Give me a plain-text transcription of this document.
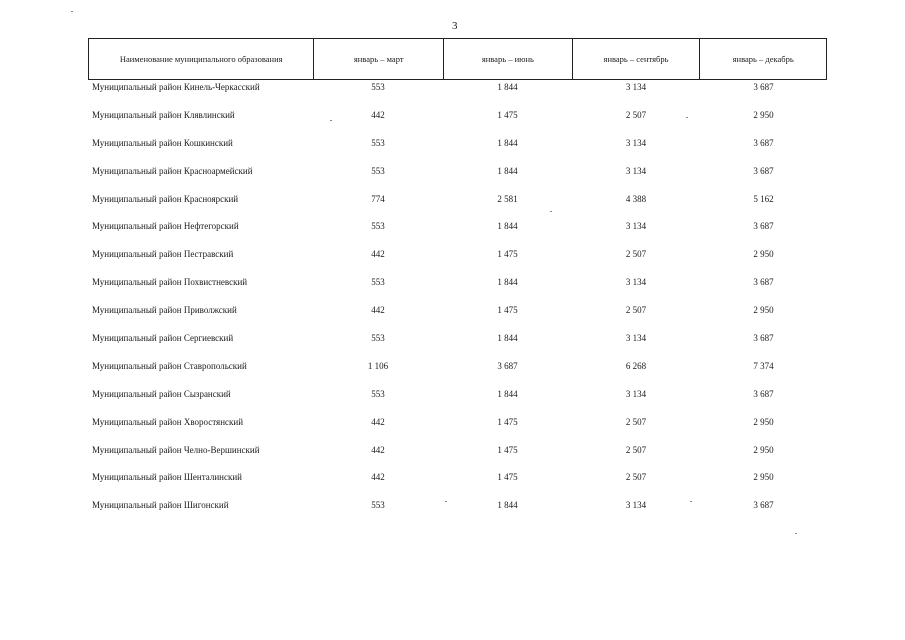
3
Наименование муниципального образования	январь – март	январь – июнь	январь – сентябрь	январь – декабрь
Муниципальный район Кинель-Черкасский	553	1 844	3 134	3 687
Муниципальный район Клявлинский	442	1 475	2 507	2 950
Муниципальный район Кошкинский	553	1 844	3 134	3 687
Муниципальный район Красноармейский	553	1 844	3 134	3 687
Муниципальный район Красноярский	774	2 581	4 388	5 162
Муниципальный район Нефтегорский	553	1 844	3 134	3 687
Муниципальный район Пестравский	442	1 475	2 507	2 950
Муниципальный район Похвистневский	553	1 844	3 134	3 687
Муниципальный район Приволжский	442	1 475	2 507	2 950
Муниципальный район Сергиевский	553	1 844	3 134	3 687
Муниципальный район Ставропольский	1 106	3 687	6 268	7 374
Муниципальный район Сызранский	553	1 844	3 134	3 687
Муниципальный район Хворостянский	442	1 475	2 507	2 950
Муниципальный район Челно-Вершинский	442	1 475	2 507	2 950
Муниципальный район Шенталинский	442	1 475	2 507	2 950
Муниципальный район Шигонский	553	1 844	3 134	3 687
